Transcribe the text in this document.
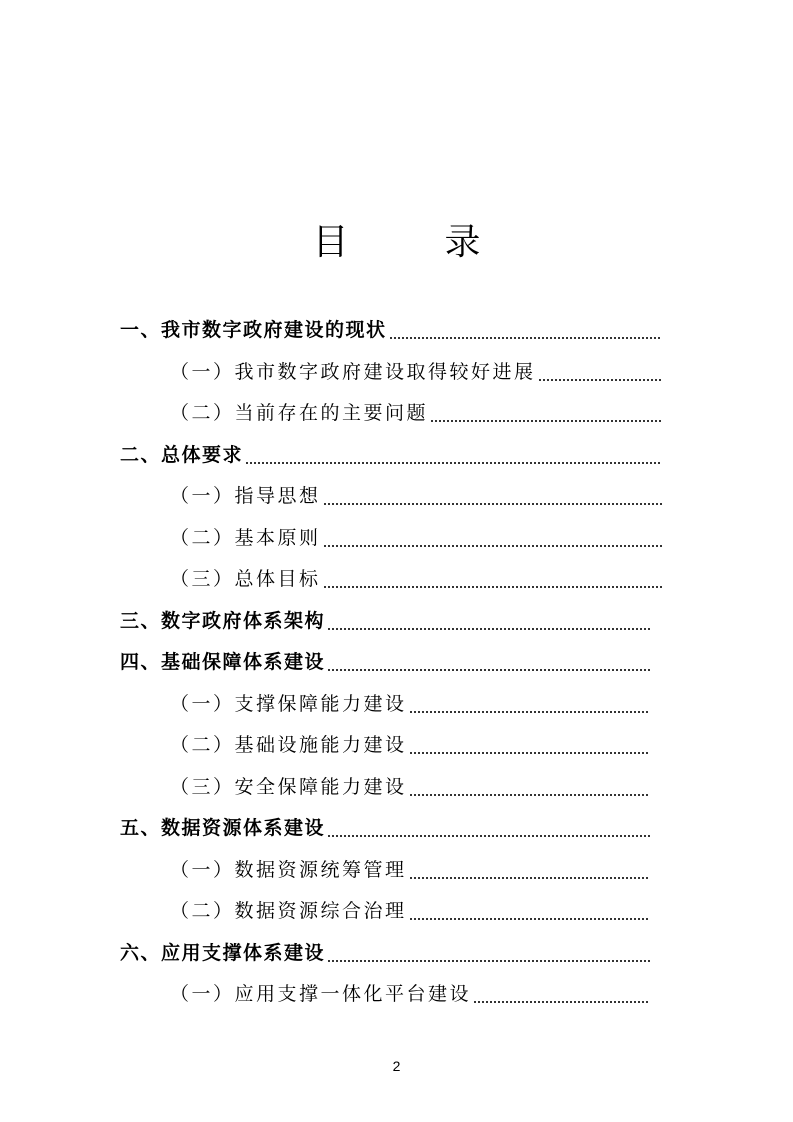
目　录
一、我市数字政府建设的现状
（一）我市数字政府建设取得较好进展
（二）当前存在的主要问题
二、总体要求
（一）指导思想
（二）基本原则
（三）总体目标
三、数字政府体系架构
四、基础保障体系建设
（一）支撑保障能力建设
（二）基础设施能力建设
（三）安全保障能力建设
五、数据资源体系建设
（一）数据资源统筹管理
（二）数据资源综合治理
六、应用支撑体系建设
（一）应用支撑一体化平台建设
2
